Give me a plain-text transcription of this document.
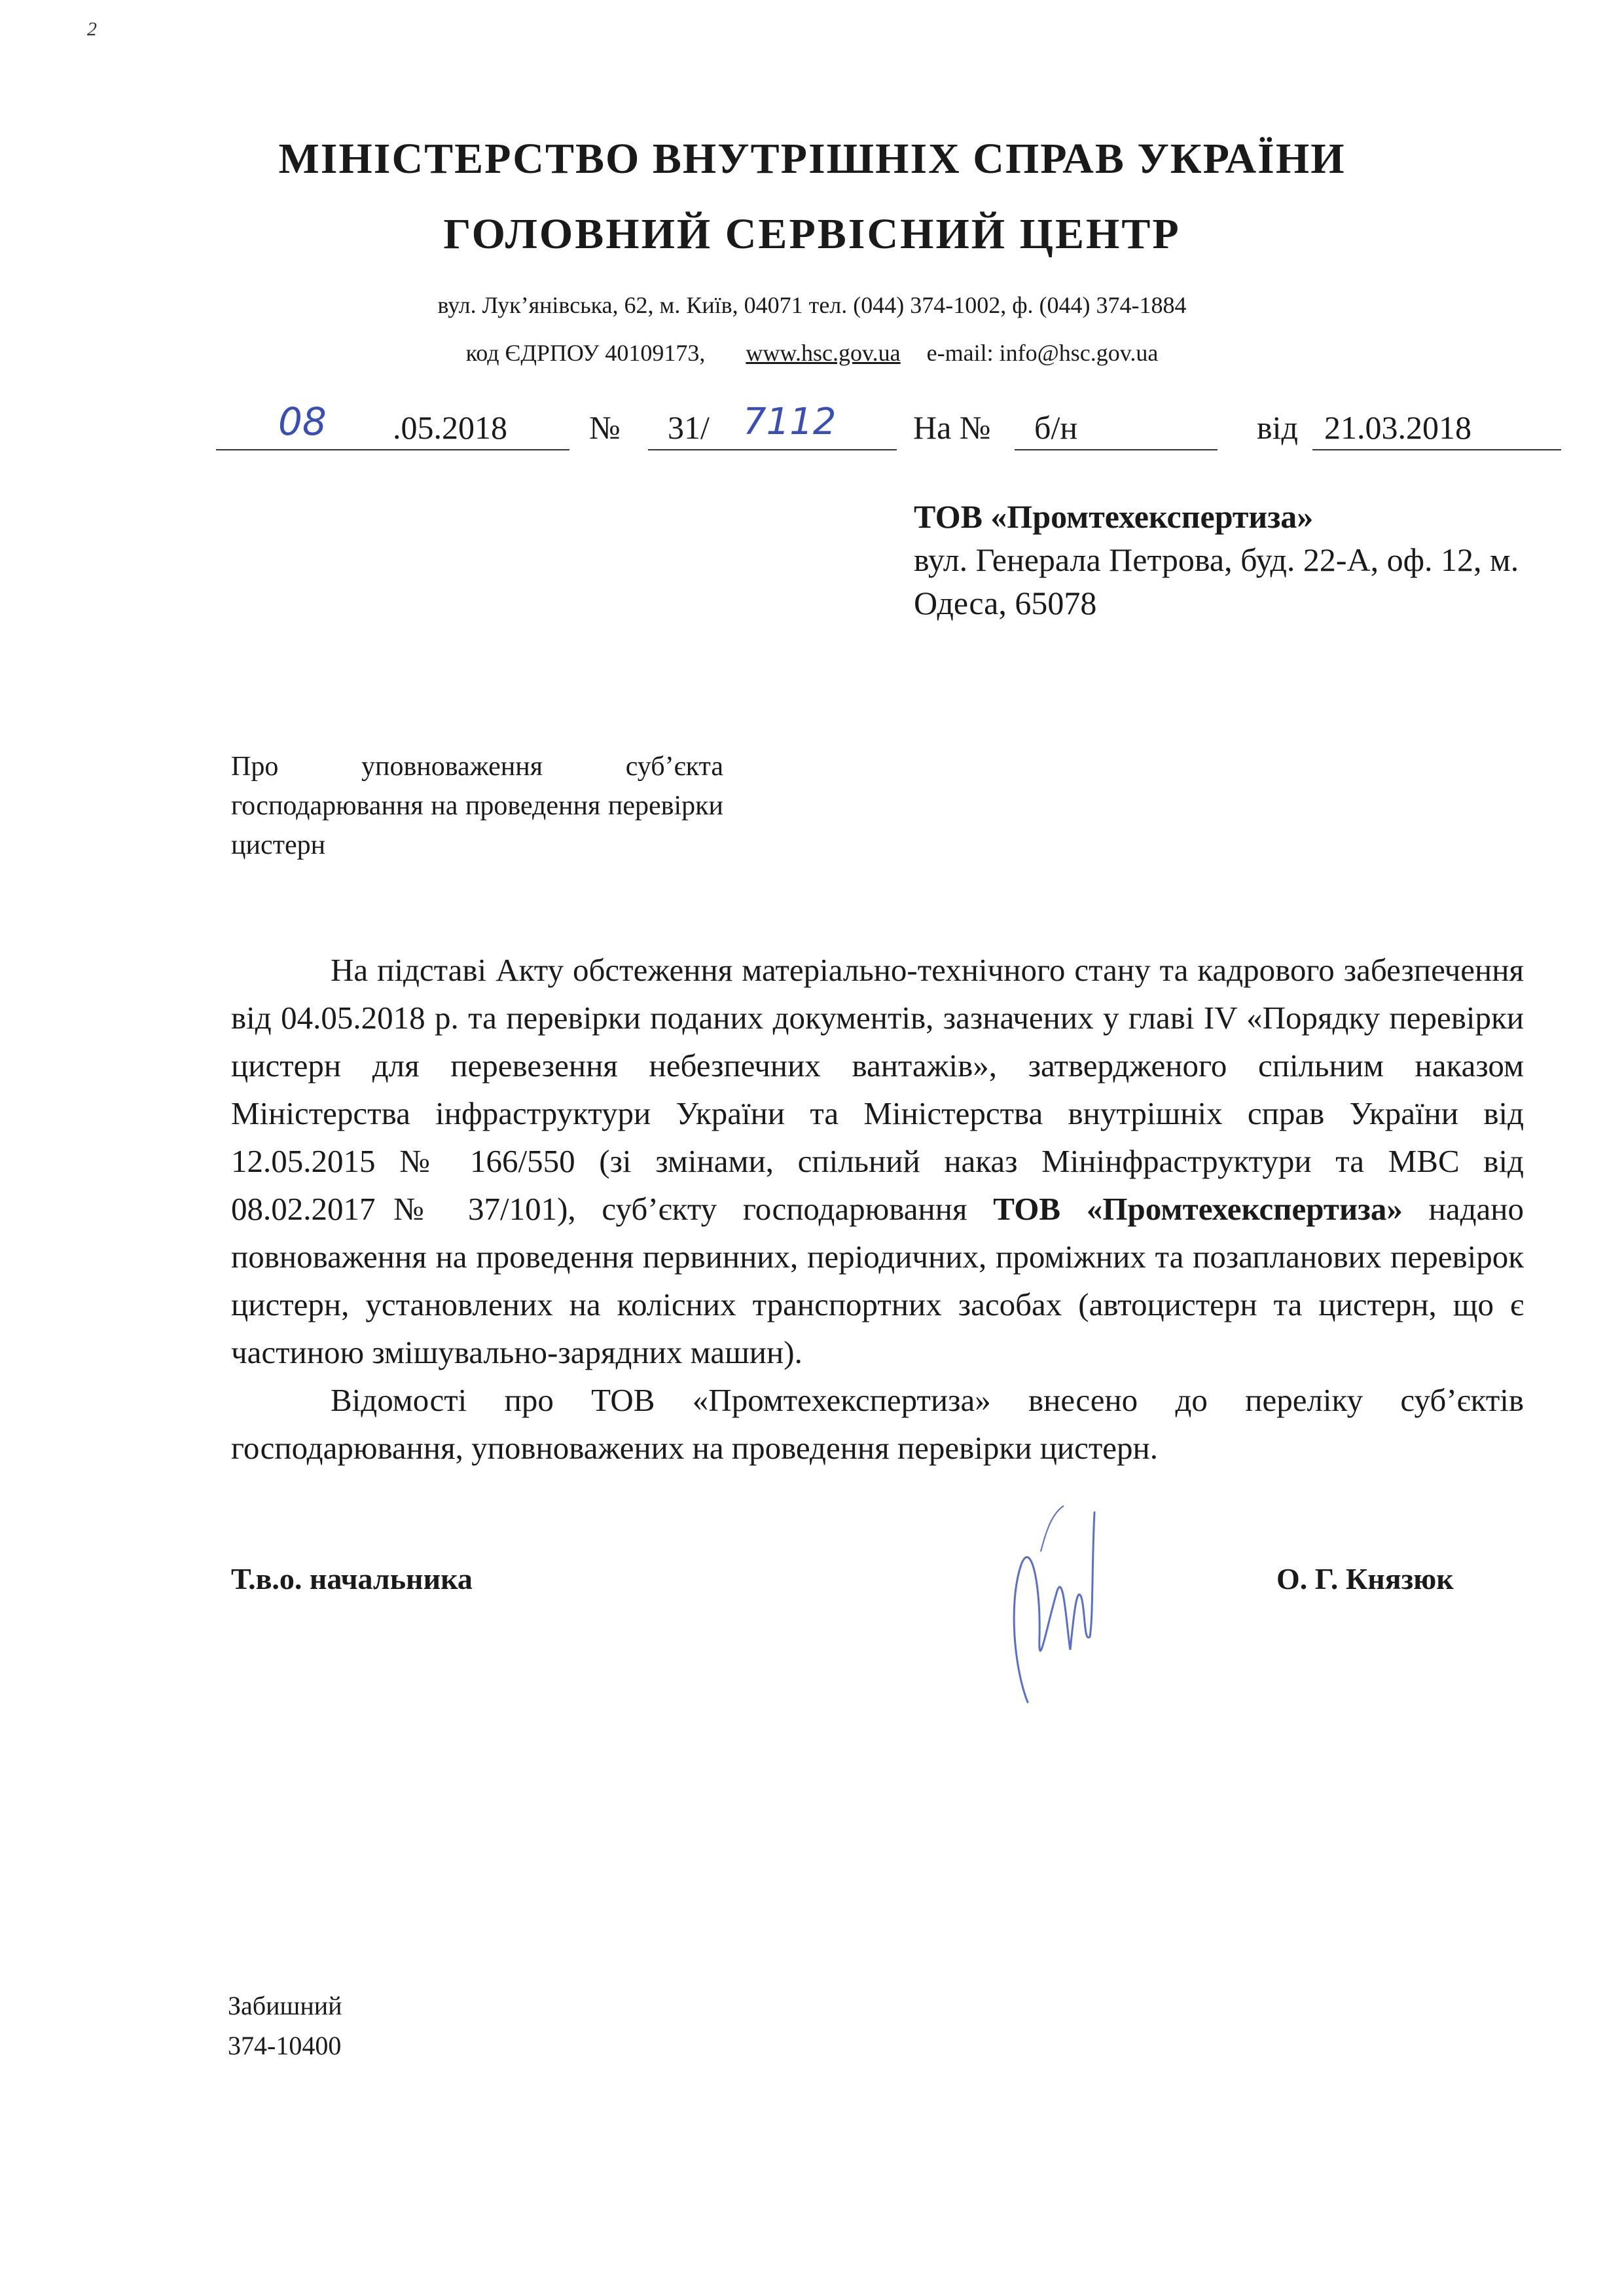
2
МІНІСТЕРСТВО ВНУТРІШНІХ СПРАВ УКРАЇНИ
ГОЛОВНИЙ СЕРВІСНИЙ ЦЕНТР
вул. Лук’янівська, 62, м. Київ, 04071 тел. (044) 374-1002, ф. (044) 374-1884
код ЄДРПОУ 40109173, www.hsc.gov.ua e-mail: info@hsc.gov.ua
08 .05.2018	№ 31/ 7112 На № б/н	від 21.03.2018
ТОВ «Промтехекспертиза»
вул. Генерала Петрова, буд. 22-А, оф. 12, м. Одеса, 65078
Про уповноваження суб’єкта господарювання на проведення перевірки цистерн

На підставі Акту обстеження матеріально-технічного стану та кадрового забезпечення від 04.05.2018 р. та перевірки поданих документів, зазначених у главі IV «Порядку перевірки цистерн для перевезення небезпечних вантажів», затвердженого спільним наказом Міністерства інфраструктури України та Міністерства внутрішніх справ України від 12.05.2015 № 166/550 (зі змінами, спільний наказ Мінінфраструктури та МВС від 08.02.2017№ 37/101), суб’єкту господарювання ТОВ «Промтехекспертиза» надано повноваження на проведення первинних, періодичних, проміжних та позапланових перевірок цистерн, установлених на колісних транспортних засобах (автоцистерн та цистерн, що є частиною змішувально-зарядних машин).

Відомості про ТОВ «Промтехекспертиза» внесено до переліку суб’єктів господарювання, уповноважених на проведення перевірки цистерн.

Т.в.о. начальника	О. Г. Князюк
Забишний
374-10400
